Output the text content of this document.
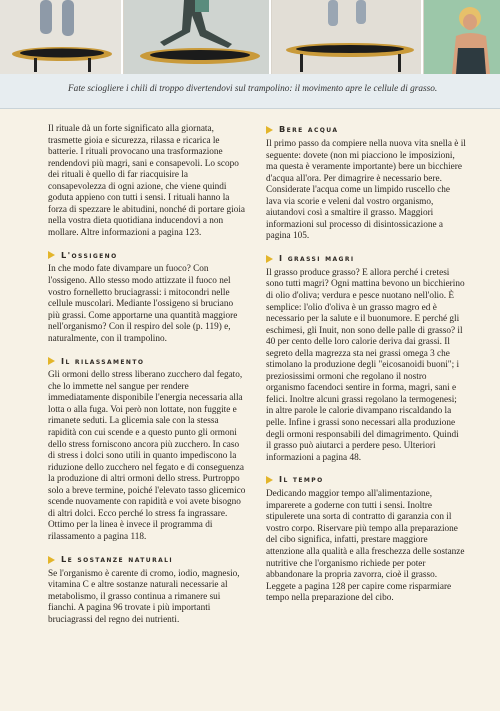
Fate sciogliere i chili di troppo divertendovi sul trampolino: il movimento apre le cellule di grasso.

Il rituale dà un forte significato alla giornata, trasmette gioia e sicurezza, rilassa e ricarica le batterie. I rituali provocano una trasformazione rendendovi più magri, sani e consapevoli. Lo scopo dei rituali è quello di far riacquisire la consapevolezza di ogni azione, che viene quindi goduta appieno con tutti i sensi. I rituali hanno la forza di spezzare le abitudini, nonché di portare gioia nella vostra dieta quotidiana inducendovi a non mollare. Altre informazioni a pagina 123.

L'ossigeno

In che modo fate divampare un fuoco? Con l'ossigeno. Allo stesso modo attizzate il fuoco nel vostro fornelletto bruciagrassi: i mitocondri nelle cellule muscolari. Mediante l'ossigeno si bruciano più grassi. Come apportarne una quantità maggiore nell'organismo? Con il respiro del sole (p. 119) e, naturalmente, con il trampolino.

Il rilassamento

Gli ormoni dello stress liberano zucchero dal fegato, che lo immette nel sangue per rendere immediatamente disponibile l'energia necessaria alla lotta o alla fuga. Voi però non lottate, non fuggite e rimanete seduti. La glicemia sale con la stessa rapidità con cui scende e a questo punto gli ormoni dello stress forniscono ancora più zucchero. In caso di stress i dolci sono utili in quanto impediscono la riduzione dello zucchero nel fegato e di conseguenza la produzione di altri ormoni dello stress. Purtroppo solo a breve termine, poiché l'elevato tasso glicemico scende nuovamente con rapidità e voi avete bisogno di altri dolci. Ecco perché lo stress fa ingrassare. Ottimo per la linea è invece il programma di rilassamento a pagina 118.

Le sostanze naturali

Se l'organismo è carente di cromo, iodio, magnesio, vitamina C e altre sostanze naturali necessarie al metabolismo, il grasso continua a rimanere sui fianchi. A pagina 96 trovate i più importanti bruciagrassi del regno dei nutrienti.

Bere acqua

Il primo passo da compiere nella nuova vita snella è il seguente: dovete (non mi piacciono le imposizioni, ma questa è veramente importante) bere un bicchiere d'acqua all'ora. Per dimagrire è necessario bere. Considerate l'acqua come un limpido ruscello che lava via scorie e veleni dal vostro organismo, aiutandovi così a smaltire il grasso. Maggiori informazioni sul processo di disintossicazione a pagina 105.

I grassi magri

Il grasso produce grasso? E allora perché i cretesi sono tutti magri? Ogni mattina bevono un bicchierino di olio d'oliva; verdura e pesce nuotano nell'olio. È semplice: l'olio d'oliva è un grasso magro ed è necessario per la salute e il buonumore. E perché gli eschimesi, gli Inuit, non sono delle palle di grasso? il 40 per cento delle loro calorie deriva dai grassi. Il segreto della magrezza sta nei grassi omega 3 che stimolano la produzione degli "eicosanoidi buoni"; i preziosissimi ormoni che regolano il nostro organismo facendoci sentire in forma, magri, sani e felici. Inoltre alcuni grassi regolano la termogenesi; in altre parole le calorie divampano riscaldando la pelle. Infine i grassi sono necessari alla produzione degli ormoni responsabili del dimagrimento. Quindi il grasso può aiutarci a perdere peso. Ulteriori informazioni a pagina 48.

Il tempo

Dedicando maggior tempo all'alimentazione, imparerete a goderne con tutti i sensi. Inoltre stipulerete una sorta di contratto di garanzia con il vostro corpo. Riservare più tempo alla preparazione del cibo significa, infatti, prestare maggiore attenzione alla qualità e alla freschezza delle sostanze nutritive che l'organismo richiede per poter abbandonare la propria zavorra, cioè il grasso. Leggete a pagina 128 per capire come risparmiare tempo nella preparazione del cibo.
